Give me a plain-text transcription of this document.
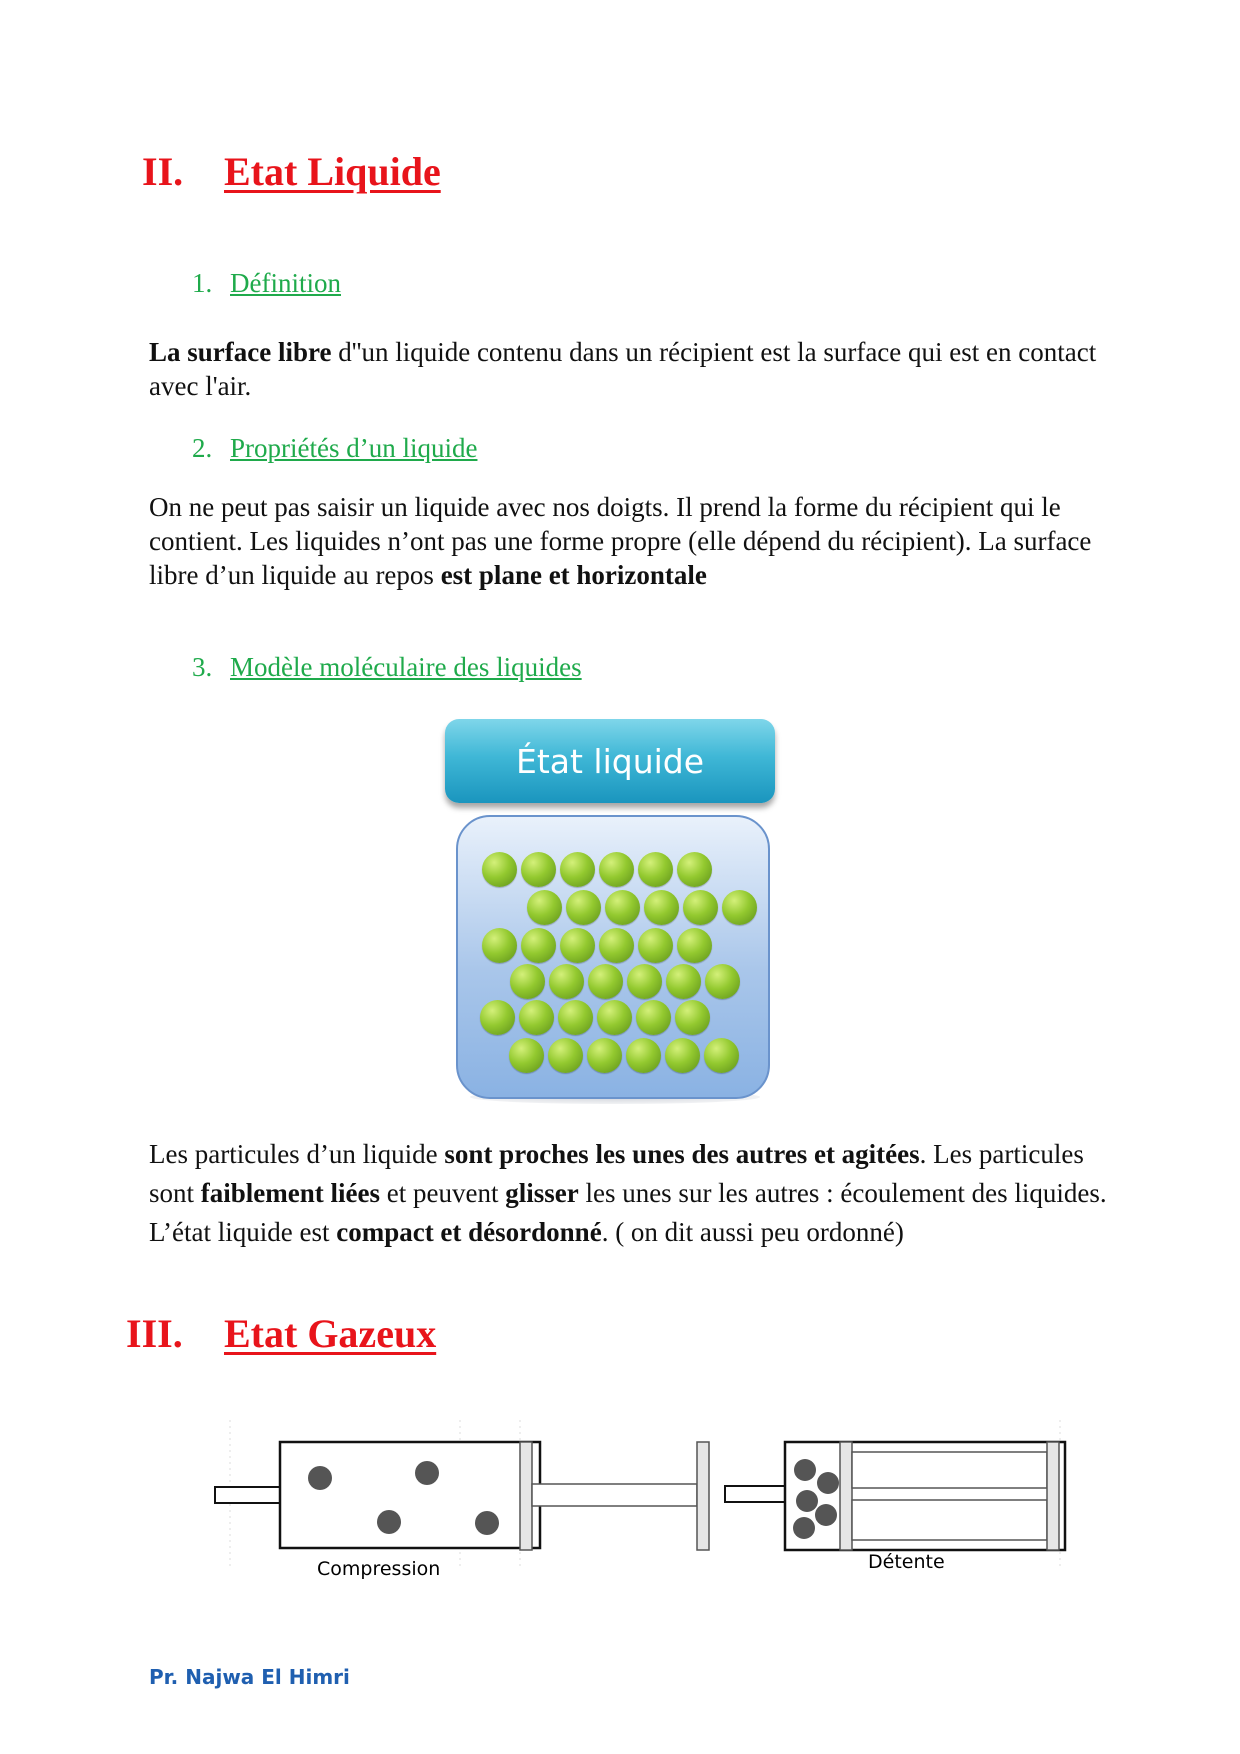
II. Etat Liquide
1. Définition

La surface libre d''un liquide contenu dans un récipient est la surface qui est en contact avec l'air.

2. Propriétés d’un liquide

On ne peut pas saisir un liquide avec nos doigts. Il prend la forme du récipient qui le contient. Les liquides n’ont pas une forme propre (elle dépend du récipient). La surface libre d’un liquide au repos est plane et horizontale

3. Modèle moléculaire des liquides
État liquide

Les particules d’un liquide sont proches les unes des autres et agitées. Les particules sont faiblement liées et peuvent glisser les unes sur les autres : écoulement des liquides. L’état liquide est compact et désordonné. ( on dit aussi peu ordonné)

III. Etat Gazeux
Compression	Détente
Pr. Najwa El Himri
